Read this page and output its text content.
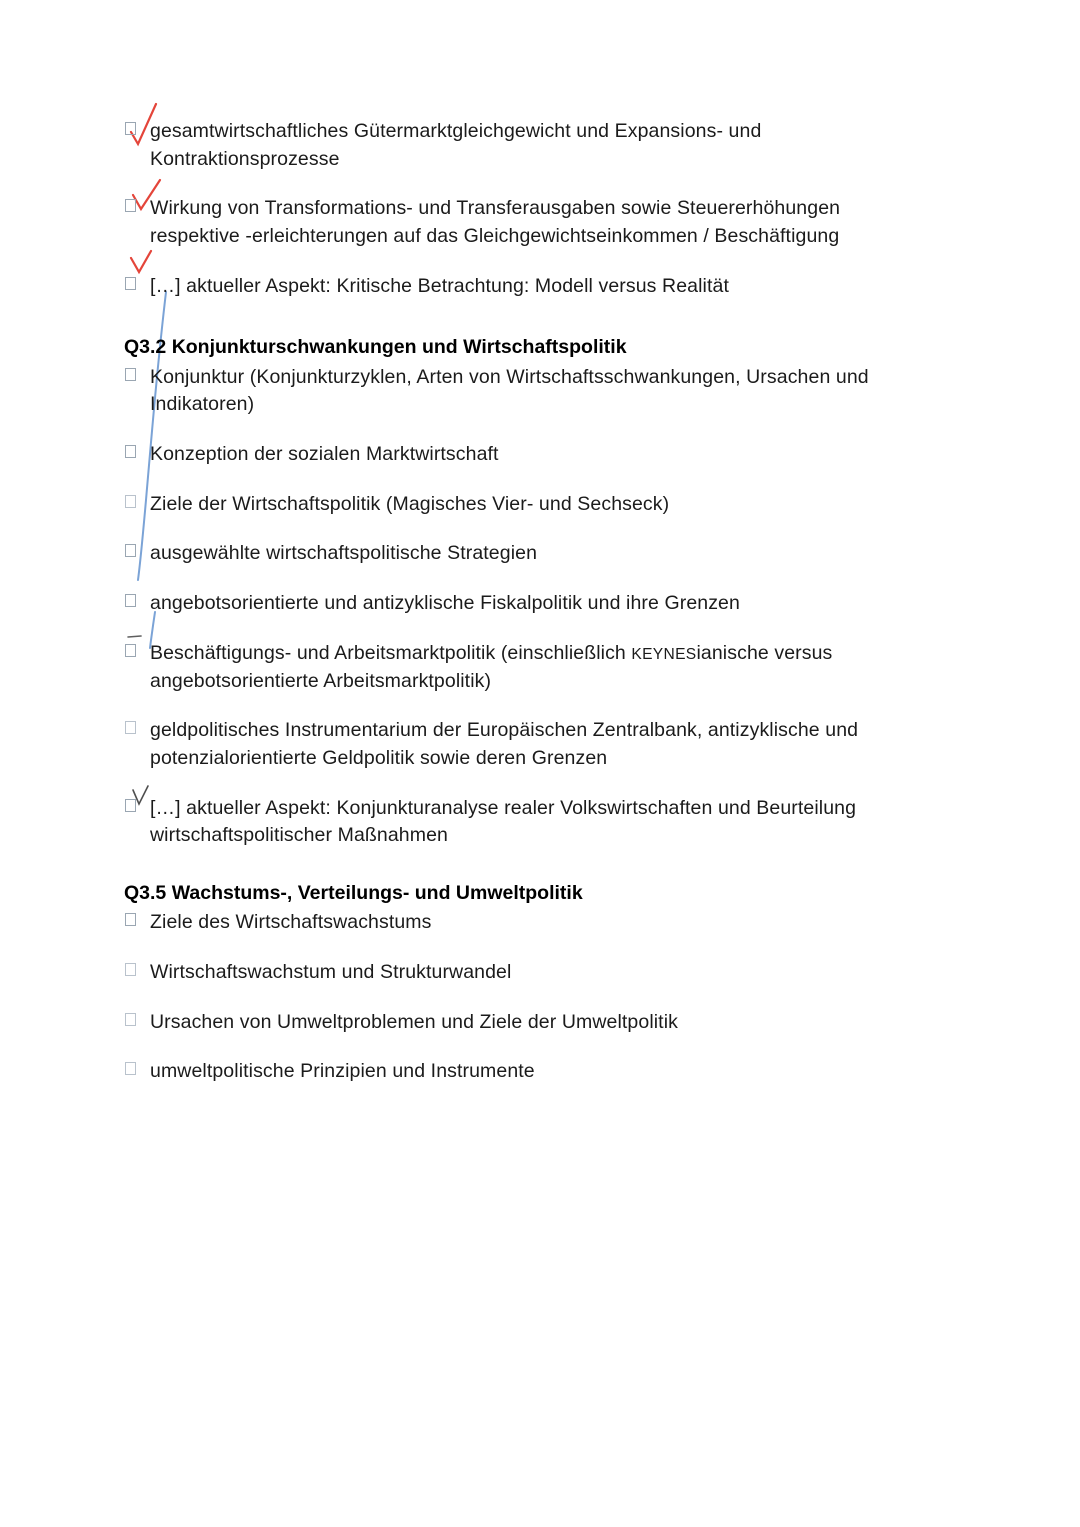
gesamtwirtschaftliches Gütermarktgleichgewicht und Expansions- und Kontraktionsprozesse
Wirkung von Transformations- und Transferausgaben sowie Steuererhöhungen respektive -erleichterungen auf das Gleichgewichtseinkommen / Beschäftigung
[…] aktueller Aspekt: Kritische Betrachtung: Modell versus Realität
Q3.2 Konjunkturschwankungen und Wirtschaftspolitik
Konjunktur (Konjunkturzyklen, Arten von Wirtschaftsschwankungen, Ursachen und Indikatoren)
Konzeption der sozialen Marktwirtschaft
Ziele der Wirtschaftspolitik (Magisches Vier- und Sechseck)
ausgewählte wirtschaftspolitische Strategien
angebotsorientierte und antizyklische Fiskalpolitik und ihre Grenzen
Beschäftigungs- und Arbeitsmarktpolitik (einschließlich KEYNESianische versus angebotsorientierte Arbeitsmarktpolitik)
geldpolitisches Instrumentarium der Europäischen Zentralbank, antizyklische und potenzialorientierte Geldpolitik sowie deren Grenzen
[…] aktueller Aspekt: Konjunkturanalyse realer Volkswirtschaften und Beurteilung wirtschaftspolitischer Maßnahmen
Q3.5 Wachstums-, Verteilungs- und Umweltpolitik
Ziele des Wirtschaftswachstums
Wirtschaftswachstum und Strukturwandel
Ursachen von Umweltproblemen und Ziele der Umweltpolitik
umweltpolitische Prinzipien und Instrumente
